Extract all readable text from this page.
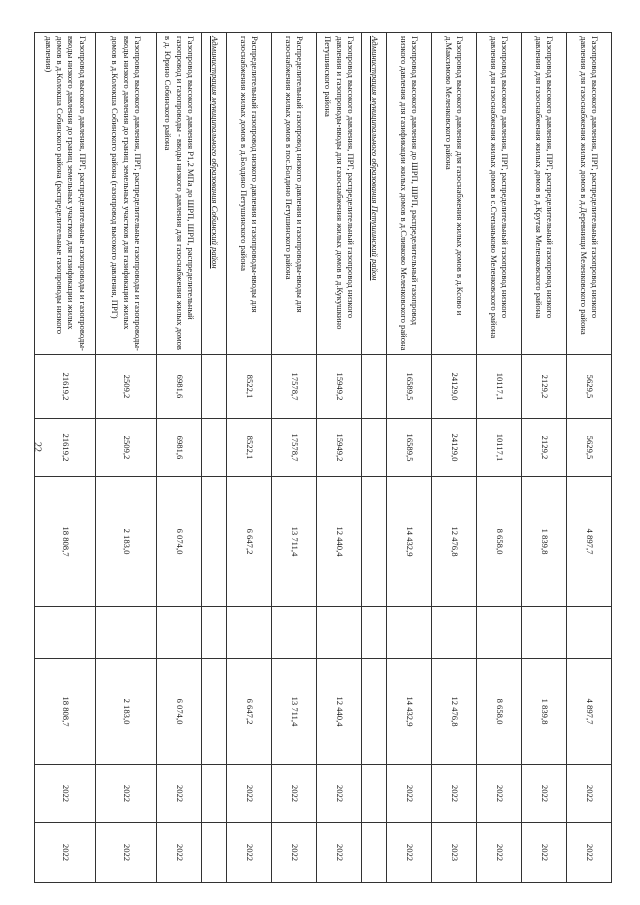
22
Газопровод высокого давления, ПРГ, распределительный газопровод низкого давления для газоснабжения жилых домов в д.Деревнищи Меленковского района	5629,5	5629,5	4 897,7		4 897,7	2022	2022
Газопровод высокого давления, ПРГ, распределительный газопровод низкого давления для газоснабжения жилых домов в д.Крутая Меленковского района	2129,2	2129,2	1 839,8		1 839,8	2022	2022
Газопровод высокого давления, ПРГ, распределительный газопровод низкого давления для газоснабжения жилых домов в с.Степаньково Меленковского района	10117,1	10117,1	8 658,0		8 658,0	2022	2022
Газопровод высокого давления для газоснабжения жилых домов в д.Ксово и д.Максимово Меленковского района	24129,0	24129,0	12 476,8		12 476,8	2022	2023
Газопровод высокого давления до ШРП, ШРП, распределительный газопровод низкого давления для газификации жилых домов в д.Сливково Меленковского района	16589,5	16589,5	14 432,9		14 432,9	2022	2022
Администрация муниципального образования Петушинский район							
Газопровод высокого давления, ПРГ, распределительный газопровод низкого давления и газопроводы-вводы для газоснабжения жилых домов в д.Кукушкино Петушинского района	15949,2	15949,2	12 440,4		12 440,4	2022	2022
Распределительный газопровод низкого давления и газопроводы-вводы для газоснабжения жилых домов в пос.Болдино Петушинского района	17578,7	17578,7	13 711,4		13 711,4	2022	2022
Распределительный газопровод низкого давления и газопроводы-вводы для газоснабжения жилых домов в д.Болдино Петушинского района	8522,1	8522,1	6 647,2		6 647,2	2022	2022
Администрация муниципального образования Собинский район							
Газопровод высокого давления Р1,2 МПа до ШРП, ШРП, распределительный газопровод и газопроводы - вводы низкого давления для газоснабжения жилых домов в д. Юрино Собинского района	6981,6	6981,6	6 074,0		6 074,0	2022	2022
Газопровод высокого давления, ПРГ, распределительные газопроводы и газопроводы-вводы низкого давления до границ земельных участков для газификации жилых домов в д.Колокша Собинского района (газопровод высокого давления, ПРГ)	2509,2	2509,2	2 183,0		2 183,0	2022	2022
Газопровод высокого давления, ПРГ, распределительные газопроводы и газопроводы-вводы низкого давления до границ земельных участков для газификации жилых домов в д.Колокша Собинского района (распределительные газопроводы низкого давления)	21619,2	21619,2	18 808,7		18 808,7	2022	2022
